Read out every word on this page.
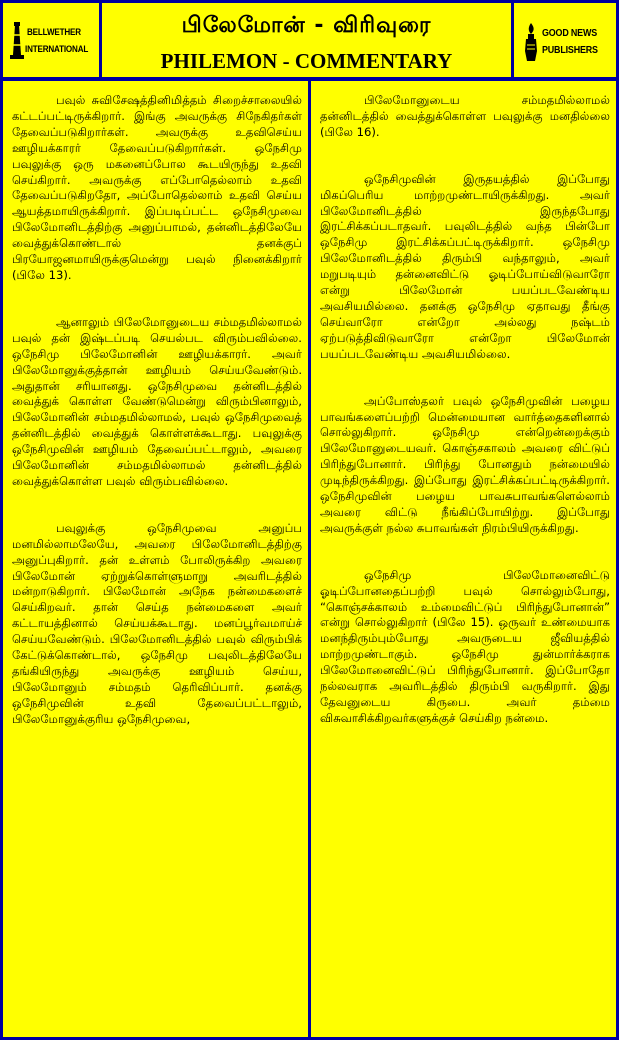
BELLWETHER
INTERNATIONAL
பிலேமோன் - விரிவுரை
PHILEMON - COMMENTARY
GOOD NEWS
PUBLISHERS

பவுல் சுவிசேஷத்தினிமித்தம் சிறைச்சாலையில் கட்டப்பட்டிருக்கிறார். இங்கு அவருக்கு சிநேகிதர்கள் தேவைப்படுகிறார்கள். அவருக்கு உதவிசெய்ய ஊழியக்காரர் தேவைப்படுகிறார்கள். ஒநேசிமு பவுலுக்கு ஒரு மகனைப்போல கூடயிருந்து உதவி செய்கிறார். அவருக்கு எப்போதெல்லாம் உதவி தேவைப்படுகிறதோ, அப்போதெல்லாம் உதவி செய்ய ஆயத்தமாயிருக்கிறார். இப்படிப்பட்ட ஒநேசிமுவை பிலேமோனிடத்திற்கு அனுப்பாமல், தன்னிடத்திலேயே வைத்துக்கொண்டால் தனக்குப் பிரயோஜனமாயிருக்குமென்று பவுல் நினைக்கிறார் (பிலே 13).

ஆனாலும் பிலேமோனுடைய சம்மதமில்லாமல் பவுல் தன் இஷ்டப்படி செயல்பட விரும்பவில்லை. ஒநேசிமு பிலேமோனின் ஊழியக்காரர். அவர் பிலேமோனுக்குத்தான் ஊழியம் செய்யவேண்டும். அதுதான் சரியானது. ஒநேசிமுவை தன்னிடத்தில் வைத்துக் கொள்ள வேண்டுமென்று விரும்பினாலும், பிலேமோனின் சம்மதமில்லாமல், பவுல் ஒநேசிமுவைத் தன்னிடத்தில் வைத்துக் கொள்ளக்கூடாது. பவுலுக்கு ஒநேசிமுவின் ஊழியம் தேவைப்பட்டாலும், அவரை பிலேமோனின் சம்மதமில்லாமல் தன்னிடத்தில் வைத்துக்கொள்ள பவுல் விரும்பவில்லை.

பவுலுக்கு ஒநேசிமுவை அனுப்ப மனமில்லாமலேயே, அவரை பிலேமோனிடத்திற்கு அனுப்புகிறார். தன் உள்ளம் போலிருக்கிற அவரை பிலேமோன் ஏற்றுக்கொள்ளுமாறு அவரிடத்தில் மன்றாடுகிறார். பிலேமோன் அநேக நன்மைகளைச் செய்கிறவர். தான் செய்த நன்மைகளை அவர் கட்டாயத்தினால் செய்யக்கூடாது. மனப்பூர்வமாய்ச் செய்யவேண்டும். பிலேமோனிடத்தில் பவுல் விரும்பிக் கேட்டுக்கொண்டால், ஒநேசிமு பவுலிடத்திலேயே தங்கியிருந்து அவருக்கு ஊழியம் செய்ய, பிலேமோனும் சம்மதம் தெரிவிப்பார். தனக்கு ஒநேசிமுவின் உதவி தேவைப்பட்டாலும், பிலேமோனுக்குரிய ஒநேசிமுவை,

பிலேமோனுடைய சம்மதமில்லாமல் தன்னிடத்தில் வைத்துக்கொள்ள பவுலுக்கு மனதில்லை (பிலே 16).

ஒநேசிமுவின் இருதயத்தில் இப்போது மிகப்பெரிய மாற்றமுண்டாயிருக்கிறது. அவர் பிலேமோனிடத்தில் இருந்தபோது இரட்சிக்கப்படாதவர். பவுலிடத்தில் வந்த பின்போ ஒநேசிமு இரட்சிக்கப்பட்டிருக்கிறார். ஒநேசிமு பிலேமோனிடத்தில் திரும்பி வந்தாலும், அவர் மறுபடியும் தன்னைவிட்டு ஓடிப்போய்விடுவாரோ என்று பிலேமோன் பயப்படவேண்டிய அவசியமில்லை. தனக்கு ஒநேசிமு ஏதாவது தீங்கு செய்வாரோ என்றோ அல்லது நஷ்டம் ஏற்படுத்திவிடுவாரோ என்றோ பிலேமோன் பயப்படவேண்டிய அவசியமில்லை.

அப்போஸ்தலர் பவுல் ஒநேசிமுவின் பழைய பாவங்களைப்பற்றி மென்மையான வார்த்தைகளினால் சொல்லுகிறார். ஒநேசிமு என்றென்றைக்கும் பிலேமோனுடையவர். கொஞ்சகாலம் அவரை விட்டுப் பிரிந்துபோனார். பிரிந்து போனதும் நன்மையில் முடிந்திருக்கிறது. இப்போது இரட்சிக்கப்பட்டிருக்கிறார். ஒநேசிமுவின் பழைய பாவசுபாவங்களெல்லாம் அவரை விட்டு நீங்கிப்போயிற்று. இப்போது அவருக்குள் நல்ல சுபாவங்கள் நிரம்பியிருக்கிறது.

ஒநேசிமு பிலேமோனைவிட்டு ஓடிப்போனதைப்பற்றி பவுல் சொல்லும்போது, “கொஞ்சக்காலம் உம்மைவிட்டுப் பிரிந்துபோனான்” என்று சொல்லுகிறார் (பிலே 15). ஒருவர் உண்மையாக மனந்திரும்பும்போது அவருடைய ஜீவியத்தில் மாற்றமுண்டாகும். ஒநேசிமு துன்மார்க்கராக பிலேமோனைவிட்டுப் பிரிந்துபோனார். இப்போதோ நல்லவராக அவரிடத்தில் திரும்பி வருகிறார். இது தேவனுடைய கிருபை. அவர் தம்மை விசுவாசிக்கிறவர்களுக்குச் செய்கிற நன்மை.
